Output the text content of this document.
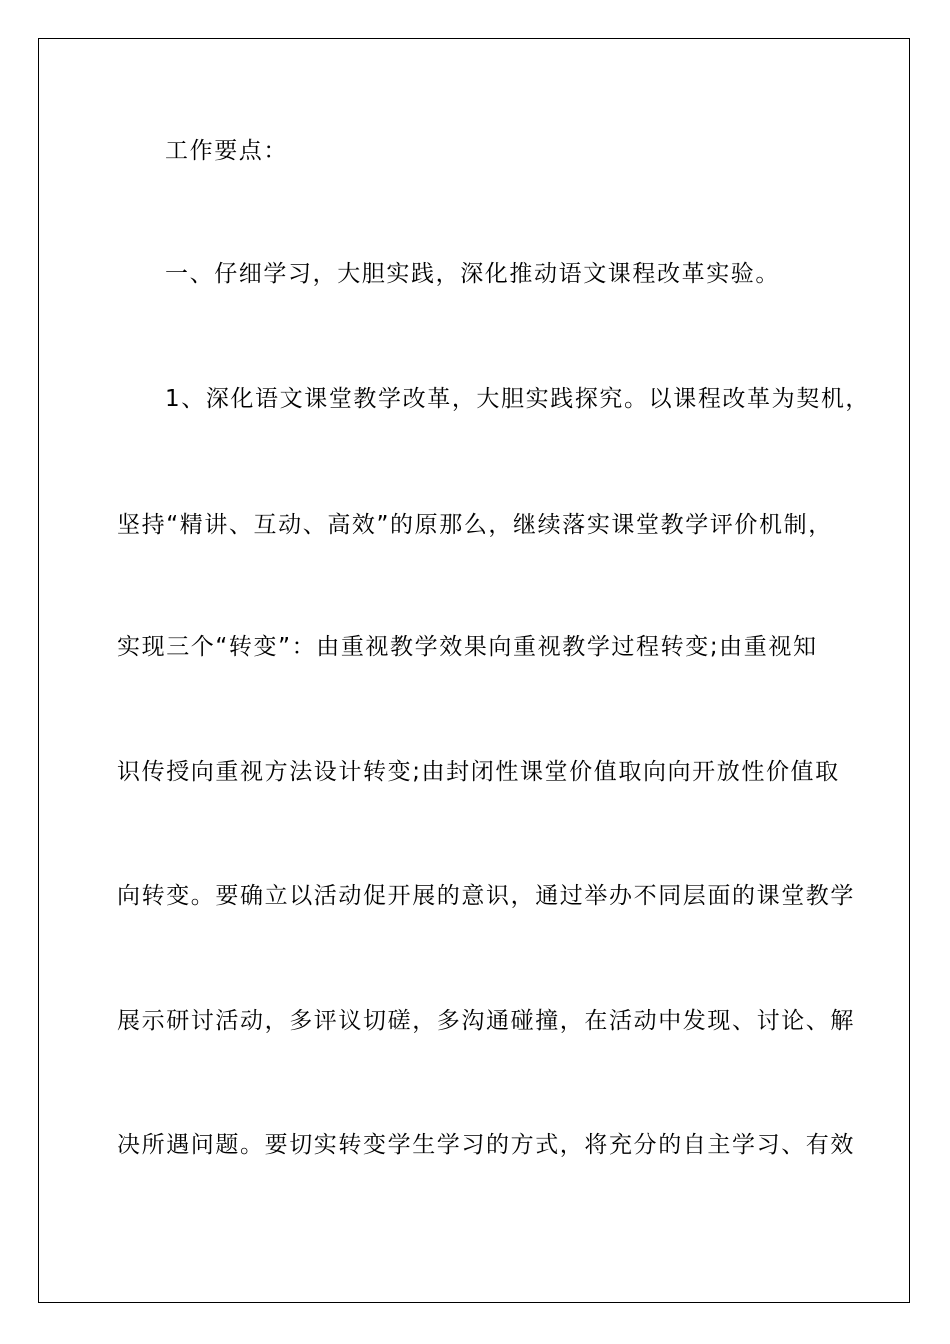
工作要点：
一、仔细学习，大胆实践，深化推动语文课程改革实验。
1、深化语文课堂教学改革，大胆实践探究。以课程改革为契机，
坚持“精讲、互动、高效”的原那么，继续落实课堂教学评价机制，
实现三个“转变”：由重视教学效果向重视教学过程转变;由重视知
识传授向重视方法设计转变;由封闭性课堂价值取向向开放性价值取
向转变。要确立以活动促开展的意识，通过举办不同层面的课堂教学
展示研讨活动，多评议切磋，多沟通碰撞，在活动中发现、讨论、解
决所遇问题。要切实转变学生学习的方式，将充分的自主学习、有效
